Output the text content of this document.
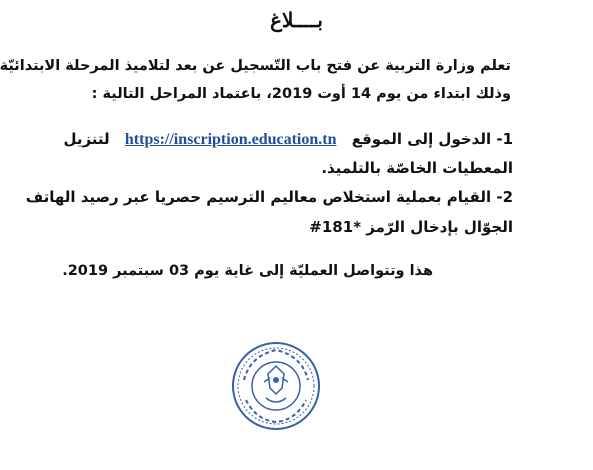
بــــلاغ
تعلم وزارة التربية عن فتح باب التّسجيل عن بعد لتلاميذ المرحلة الابتدائيّة
وذلك ابتداء من يوم 14 أوت 2019، باعتماد المراحل التالية :
1- الدخول إلى الموقع https://inscription.education.tn لتنزيل
المعطيات الخاصّة بالتلميذ.
2- القيام بعملية استخلاص معاليم الترسيم حصريا عبر رصيد الهاتف
الجوّال بإدخال الرّمز *181#
هذا وتتواصل العمليّة إلى غاية يوم 03 سبتمبر 2019.
